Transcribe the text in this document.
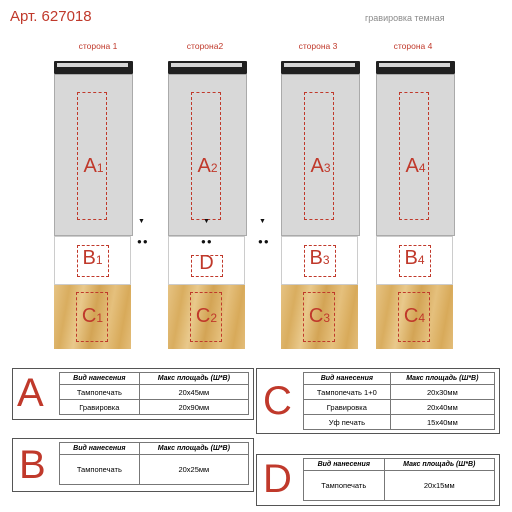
Арт. 627018	гравировка темная
сторона 1	сторона2	сторона 3	сторона 4
A1
B1
C1
A2
D
C2
A3
B3
C3
A4
B4
C4
▼
●●
▼
●●
▼
●●
A	Вид нанесения	Макс площадь (Ш*В)
Тампопечать	20x45мм
Гравировка	20x90мм
B	Вид нанесения	Макс площадь (Ш*В)
Тампопечать	20x25мм
C
Вид нанесения	Макс площадь (Ш*В)
Тампопечать 1+0	20x30мм
Гравировка	20x40мм
Уф печать	15x40мм
D	Вид нанесения	Макс площадь (Ш*В)
Тампопечать	20x15мм
